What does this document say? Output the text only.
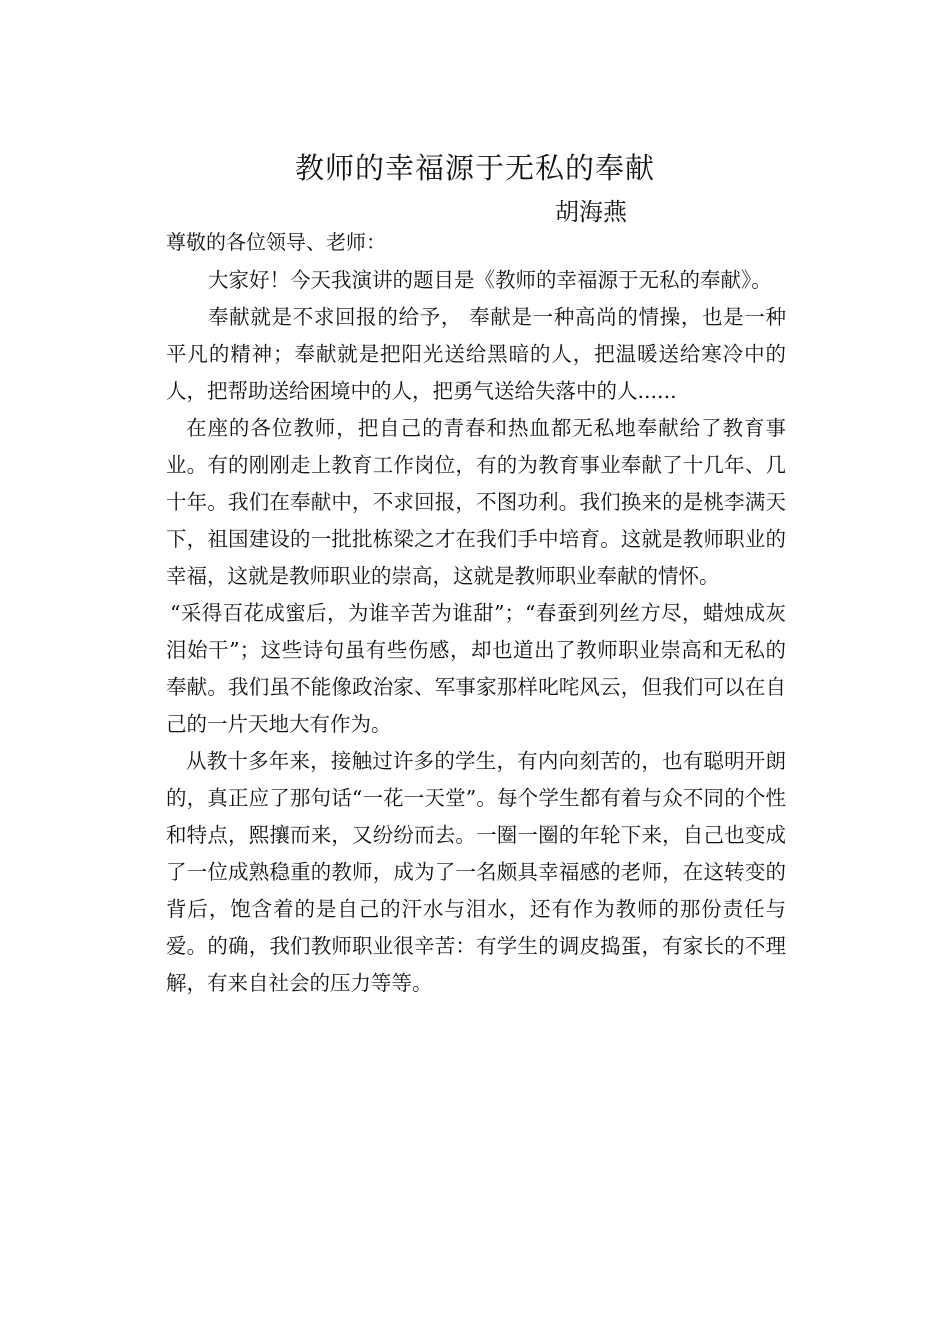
教师的幸福源于无私的奉献
胡海燕
尊敬的各位领导、老师：

大家好！今天我演讲的题目是《教师的幸福源于无私的奉献》。

奉献就是不求回报的给予， 奉献是一种高尚的情操，也是一种平凡的精神；奉献就是把阳光送给黑暗的人，把温暖送给寒冷中的人，把帮助送给困境中的人，把勇气送给失落中的人......

在座的各位教师，把自己的青春和热血都无私地奉献给了教育事业。有的刚刚走上教育工作岗位，有的为教育事业奉献了十几年、几十年。我们在奉献中，不求回报，不图功利。我们换来的是桃李满天下，祖国建设的一批批栋梁之才在我们手中培育。这就是教师职业的幸福，这就是教师职业的崇高，这就是教师职业奉献的情怀。

“采得百花成蜜后，为谁辛苦为谁甜”；“春蚕到列丝方尽，蜡烛成灰泪始干”；这些诗句虽有些伤感，却也道出了教师职业崇高和无私的奉献。我们虽不能像政治家、军事家那样叱咤风云，但我们可以在自己的一片天地大有作为。

从教十多年来，接触过许多的学生，有内向刻苦的，也有聪明开朗的，真正应了那句话“一花一天堂”。每个学生都有着与众不同的个性和特点，熙攘而来，又纷纷而去。一圈一圈的年轮下来，自己也变成了一位成熟稳重的教师，成为了一名颇具幸福感的老师，在这转变的背后，饱含着的是自己的汗水与泪水，还有作为教师的那份责任与爱。的确，我们教师职业很辛苦：有学生的调皮捣蛋，有家长的不理解，有来自社会的压力等等。
